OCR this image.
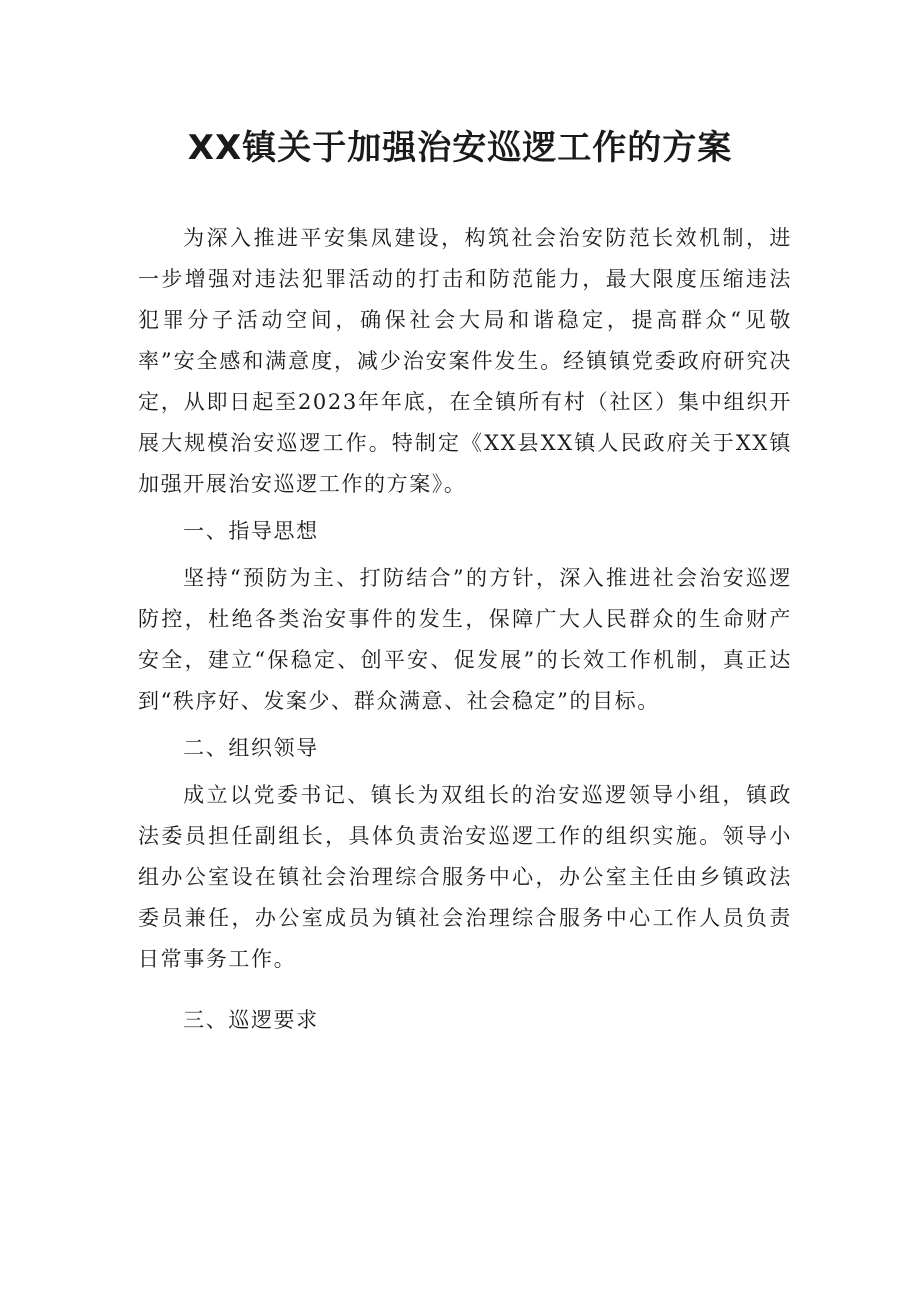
XX镇关于加强治安巡逻工作的方案

为深入推进平安集凤建设，构筑社会治安防范长效机制，进一步增强对违法犯罪活动的打击和防范能力，最大限度压缩违法犯罪分子活动空间，确保社会大局和谐稳定，提高群众“见敬率”安全感和满意度，减少治安案件发生。经镇镇党委政府研究决定，从即日起至2023年年底，在全镇所有村（社区）集中组织开展大规模治安巡逻工作。特制定《XX县XX镇人民政府关于XX镇加强开展治安巡逻工作的方案》。

一、指导思想

坚持“预防为主、打防结合”的方针，深入推进社会治安巡逻防控，杜绝各类治安事件的发生，保障广大人民群众的生命财产安全，建立“保稳定、创平安、促发展”的长效工作机制，真正达到“秩序好、发案少、群众满意、社会稳定”的目标。

二、组织领导

成立以党委书记、镇长为双组长的治安巡逻领导小组，镇政法委员担任副组长，具体负责治安巡逻工作的组织实施。领导小组办公室设在镇社会治理综合服务中心，办公室主任由乡镇政法委员兼任，办公室成员为镇社会治理综合服务中心工作人员负责日常事务工作。

三、巡逻要求
